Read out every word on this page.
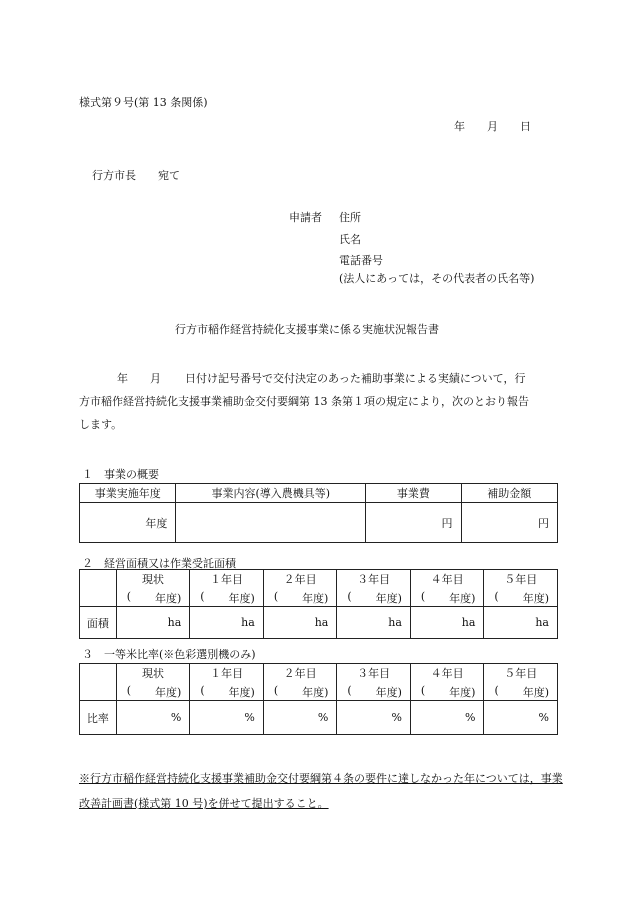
様式第９号(第 13 条関係)
年　　月　　日
行方市長　　宛て
申請者 住所
氏名
電話番号
(法人にあっては，その代表者の氏名等)
行方市稲作経営持続化支援事業に係る実施状況報告書
年 月 日付け記号番号で交付決定のあった補助事業による実績について，行
方市稲作経営持続化支援事業補助金交付要綱第 13 条第１項の規定により，次のとおり報告
します。
１　事業の概要
事業実施年度	事業内容(導入農機具等)	事業費	補助金額
年度		円	円
２　経営面積又は作業受託面積
	現状	１年目	２年目	３年目	４年目	５年目

	( 年度)	( 年度)	( 年度)	( 年度)	( 年度)	( 年度)

面積	ha	ha	ha	ha	ha	ha
３　一等米比率(※色彩選別機のみ)
	現状	１年目	２年目	３年目	４年目	５年目

	( 年度)	( 年度)	( 年度)	( 年度)	( 年度)	( 年度)

比率	%	%	%	%	%	%
※行方市稲作経営持続化支援事業補助金交付要綱第４条の要件に達しなかった年については，事業改善計画書(様式第 10 号)を併せて提出すること。
